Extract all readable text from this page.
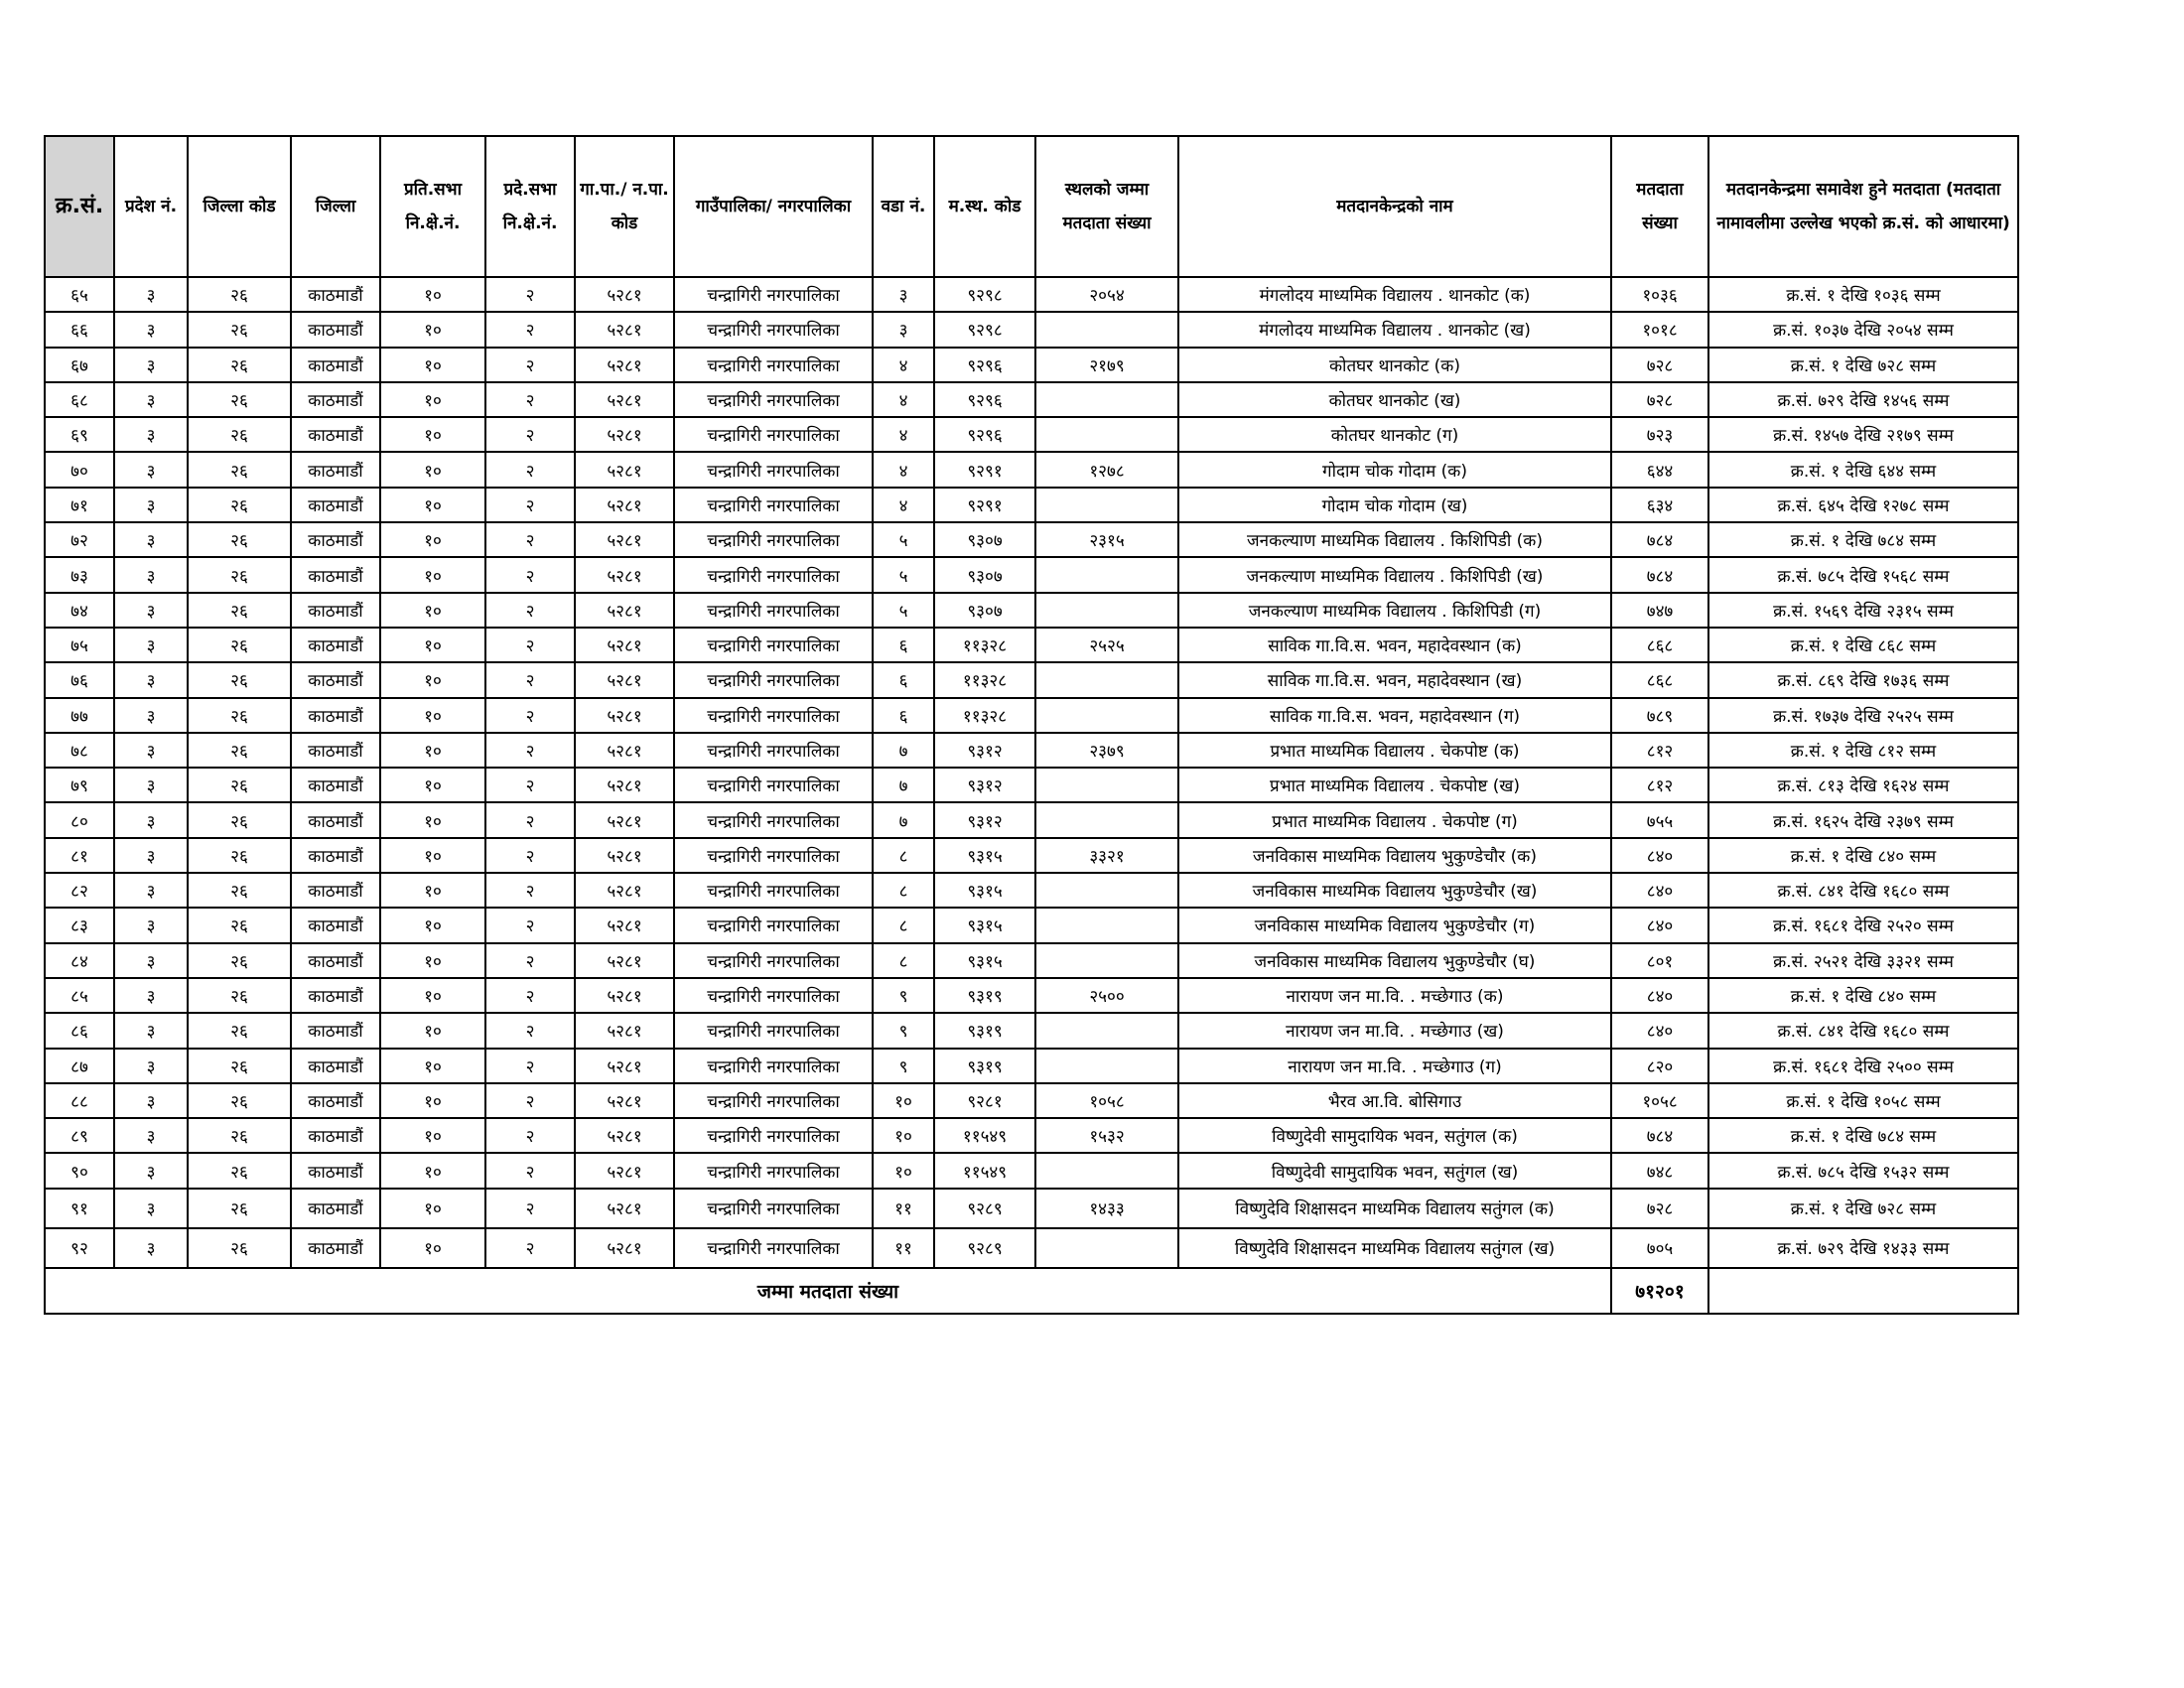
क्र.सं.	प्रदेश नं.	जिल्ला कोड	जिल्ला	प्रति.सभा नि.क्षे.नं.	प्रदे.सभा नि.क्षे.नं.	गा.पा./ न.पा. कोड	गाउँपालिका/ नगरपालिका	वडा नं.	म.स्थ. कोड	स्थलको जम्मा मतदाता संख्या	मतदानकेन्द्रको नाम	मतदाता संख्या	मतदानकेन्द्रमा समावेश हुने मतदाता (मतदाता नामावलीमा उल्लेख भएको क्र.सं. को आधारमा)
६५	३	२६	काठमाडौं	१०	२	५२८१	चन्द्रागिरी नगरपालिका	३	९२९८	२०५४	मंगलोदय माध्यमिक विद्यालय . थानकोट (क)	१०३६	क्र.सं. १ देखि १०३६ सम्म
६६	३	२६	काठमाडौं	१०	२	५२८१	चन्द्रागिरी नगरपालिका	३	९२९८		मंगलोदय माध्यमिक विद्यालय . थानकोट (ख)	१०१८	क्र.सं. १०३७ देखि २०५४ सम्म
६७	३	२६	काठमाडौं	१०	२	५२८१	चन्द्रागिरी नगरपालिका	४	९२९६	२१७९	कोतघर थानकोट (क)	७२८	क्र.सं. १ देखि ७२८ सम्म
६८	३	२६	काठमाडौं	१०	२	५२८१	चन्द्रागिरी नगरपालिका	४	९२९६		कोतघर थानकोट (ख)	७२८	क्र.सं. ७२९ देखि १४५६ सम्म
६९	३	२६	काठमाडौं	१०	२	५२८१	चन्द्रागिरी नगरपालिका	४	९२९६		कोतघर थानकोट (ग)	७२३	क्र.सं. १४५७ देखि २१७९ सम्म
७०	३	२६	काठमाडौं	१०	२	५२८१	चन्द्रागिरी नगरपालिका	४	९२९१	१२७८	गोदाम चोक गोदाम (क)	६४४	क्र.सं. १ देखि ६४४ सम्म
७१	३	२६	काठमाडौं	१०	२	५२८१	चन्द्रागिरी नगरपालिका	४	९२९१		गोदाम चोक गोदाम (ख)	६३४	क्र.सं. ६४५ देखि १२७८ सम्म
७२	३	२६	काठमाडौं	१०	२	५२८१	चन्द्रागिरी नगरपालिका	५	९३०७	२३१५	जनकल्याण माध्यमिक विद्यालय . किशिपिडी (क)	७८४	क्र.सं. १ देखि ७८४ सम्म
७३	३	२६	काठमाडौं	१०	२	५२८१	चन्द्रागिरी नगरपालिका	५	९३०७		जनकल्याण माध्यमिक विद्यालय . किशिपिडी (ख)	७८४	क्र.सं. ७८५ देखि १५६८ सम्म
७४	३	२६	काठमाडौं	१०	२	५२८१	चन्द्रागिरी नगरपालिका	५	९३०७		जनकल्याण माध्यमिक विद्यालय . किशिपिडी (ग)	७४७	क्र.सं. १५६९ देखि २३१५ सम्म
७५	३	२६	काठमाडौं	१०	२	५२८१	चन्द्रागिरी नगरपालिका	६	११३२८	२५२५	साविक गा.वि.स. भवन, महादेवस्थान (क)	८६८	क्र.सं. १ देखि ८६८ सम्म
७६	३	२६	काठमाडौं	१०	२	५२८१	चन्द्रागिरी नगरपालिका	६	११३२८		साविक गा.वि.स. भवन, महादेवस्थान (ख)	८६८	क्र.सं. ८६९ देखि १७३६ सम्म
७७	३	२६	काठमाडौं	१०	२	५२८१	चन्द्रागिरी नगरपालिका	६	११३२८		साविक गा.वि.स. भवन, महादेवस्थान (ग)	७८९	क्र.सं. १७३७ देखि २५२५ सम्म
७८	३	२६	काठमाडौं	१०	२	५२८१	चन्द्रागिरी नगरपालिका	७	९३१२	२३७९	प्रभात माध्यमिक विद्यालय . चेकपोष्ट (क)	८१२	क्र.सं. १ देखि ८१२ सम्म
७९	३	२६	काठमाडौं	१०	२	५२८१	चन्द्रागिरी नगरपालिका	७	९३१२		प्रभात माध्यमिक विद्यालय . चेकपोष्ट (ख)	८१२	क्र.सं. ८१३ देखि १६२४ सम्म
८०	३	२६	काठमाडौं	१०	२	५२८१	चन्द्रागिरी नगरपालिका	७	९३१२		प्रभात माध्यमिक विद्यालय . चेकपोष्ट (ग)	७५५	क्र.सं. १६२५ देखि २३७९ सम्म
८१	३	२६	काठमाडौं	१०	२	५२८१	चन्द्रागिरी नगरपालिका	८	९३१५	३३२१	जनविकास माध्यमिक विद्यालय भुकुण्डेचौर (क)	८४०	क्र.सं. १ देखि ८४० सम्म
८२	३	२६	काठमाडौं	१०	२	५२८१	चन्द्रागिरी नगरपालिका	८	९३१५		जनविकास माध्यमिक विद्यालय भुकुण्डेचौर (ख)	८४०	क्र.सं. ८४१ देखि १६८० सम्म
८३	३	२६	काठमाडौं	१०	२	५२८१	चन्द्रागिरी नगरपालिका	८	९३१५		जनविकास माध्यमिक विद्यालय भुकुण्डेचौर (ग)	८४०	क्र.सं. १६८१ देखि २५२० सम्म
८४	३	२६	काठमाडौं	१०	२	५२८१	चन्द्रागिरी नगरपालिका	८	९३१५		जनविकास माध्यमिक विद्यालय भुकुण्डेचौर (घ)	८०१	क्र.सं. २५२१ देखि ३३२१ सम्म
८५	३	२६	काठमाडौं	१०	२	५२८१	चन्द्रागिरी नगरपालिका	९	९३१९	२५००	नारायण जन मा.वि. . मच्छेगाउ (क)	८४०	क्र.सं. १ देखि ८४० सम्म
८६	३	२६	काठमाडौं	१०	२	५२८१	चन्द्रागिरी नगरपालिका	९	९३१९		नारायण जन मा.वि. . मच्छेगाउ (ख)	८४०	क्र.सं. ८४१ देखि १६८० सम्म
८७	३	२६	काठमाडौं	१०	२	५२८१	चन्द्रागिरी नगरपालिका	९	९३१९		नारायण जन मा.वि. . मच्छेगाउ (ग)	८२०	क्र.सं. १६८१ देखि २५०० सम्म
८८	३	२६	काठमाडौं	१०	२	५२८१	चन्द्रागिरी नगरपालिका	१०	९२८१	१०५८	भैरव आ.वि. बोसिगाउ	१०५८	क्र.सं. १ देखि १०५८ सम्म
८९	३	२६	काठमाडौं	१०	२	५२८१	चन्द्रागिरी नगरपालिका	१०	११५४९	१५३२	विष्णुदेवी सामुदायिक भवन, सतुंगल (क)	७८४	क्र.सं. १ देखि ७८४ सम्म
९०	३	२६	काठमाडौं	१०	२	५२८१	चन्द्रागिरी नगरपालिका	१०	११५४९		विष्णुदेवी सामुदायिक भवन, सतुंगल (ख)	७४८	क्र.सं. ७८५ देखि १५३२ सम्म
९१	३	२६	काठमाडौं	१०	२	५२८१	चन्द्रागिरी नगरपालिका	११	९२८९	१४३३	विष्णुदेवि शिक्षासदन माध्यमिक विद्यालय सतुंगल (क)	७२८	क्र.सं. १ देखि ७२८ सम्म
९२	३	२६	काठमाडौं	१०	२	५२८१	चन्द्रागिरी नगरपालिका	११	९२८९		विष्णुदेवि शिक्षासदन माध्यमिक विद्यालय सतुंगल (ख)	७०५	क्र.सं. ७२९ देखि १४३३ सम्म
जम्मा मतदाता संख्या												७१२०१	
